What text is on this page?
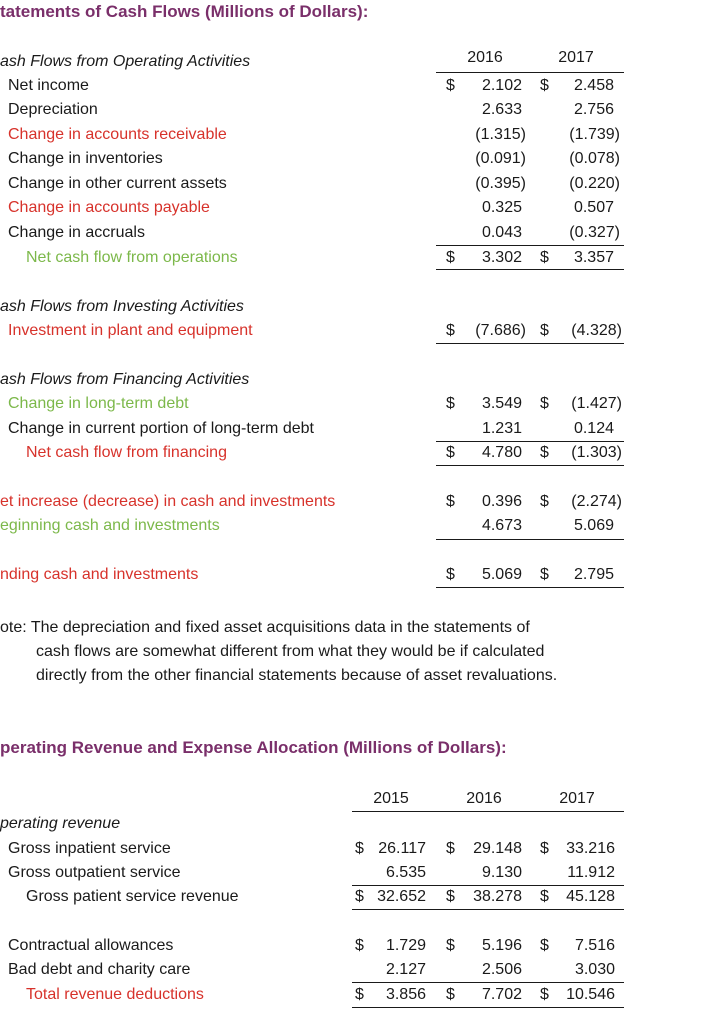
tatements of Cash Flows (Millions of Dollars):
2016	2017
ash Flows from Operating Activities
Net income	$ 2.102 $ 2.458
Depreciation	2.633	2.756
Change in accounts receivable	(1.315)	(1.739)
Change in inventories	(0.091)	(0.078)
Change in other current assets	(0.395)	(0.220)
Change in accounts payable	0.325	0.507
Change in accruals	0.043	(0.327)
Net cash flow from operations	$ 3.302 $ 3.357
ash Flows from Investing Activities
Investment in plant and equipment	$ (7.686) $ (4.328)
ash Flows from Financing Activities
Change in long-term debt	$ 3.549 $ (1.427)
Change in current portion of long-term debt	1.231	0.124
Net cash flow from financing	$ 4.780 $ (1.303)
et increase (decrease) in cash and investments	$ 0.396 $ (2.274)
eginning cash and investments	4.673	5.069
nding cash and investments	$ 5.069 $ 2.795
ote: The depreciation and fixed asset acquisitions data in the statements of
cash flows are somewhat different from what they would be if calculated
directly from the other financial statements because of asset revaluations.
perating Revenue and Expense Allocation (Millions of Dollars):
2015	2016	2017
perating revenue
Gross inpatient service	$ 26.117 $ 29.148 $ 33.216
Gross outpatient service	6.535	9.130	11.912
Gross patient service revenue	$ 32.652 $ 38.278 $ 45.128
Contractual allowances	$ 1.729 $ 5.196 $ 7.516
Bad debt and charity care	2.127	2.506	3.030
Total revenue deductions	$ 3.856 $ 7.702 $ 10.546
